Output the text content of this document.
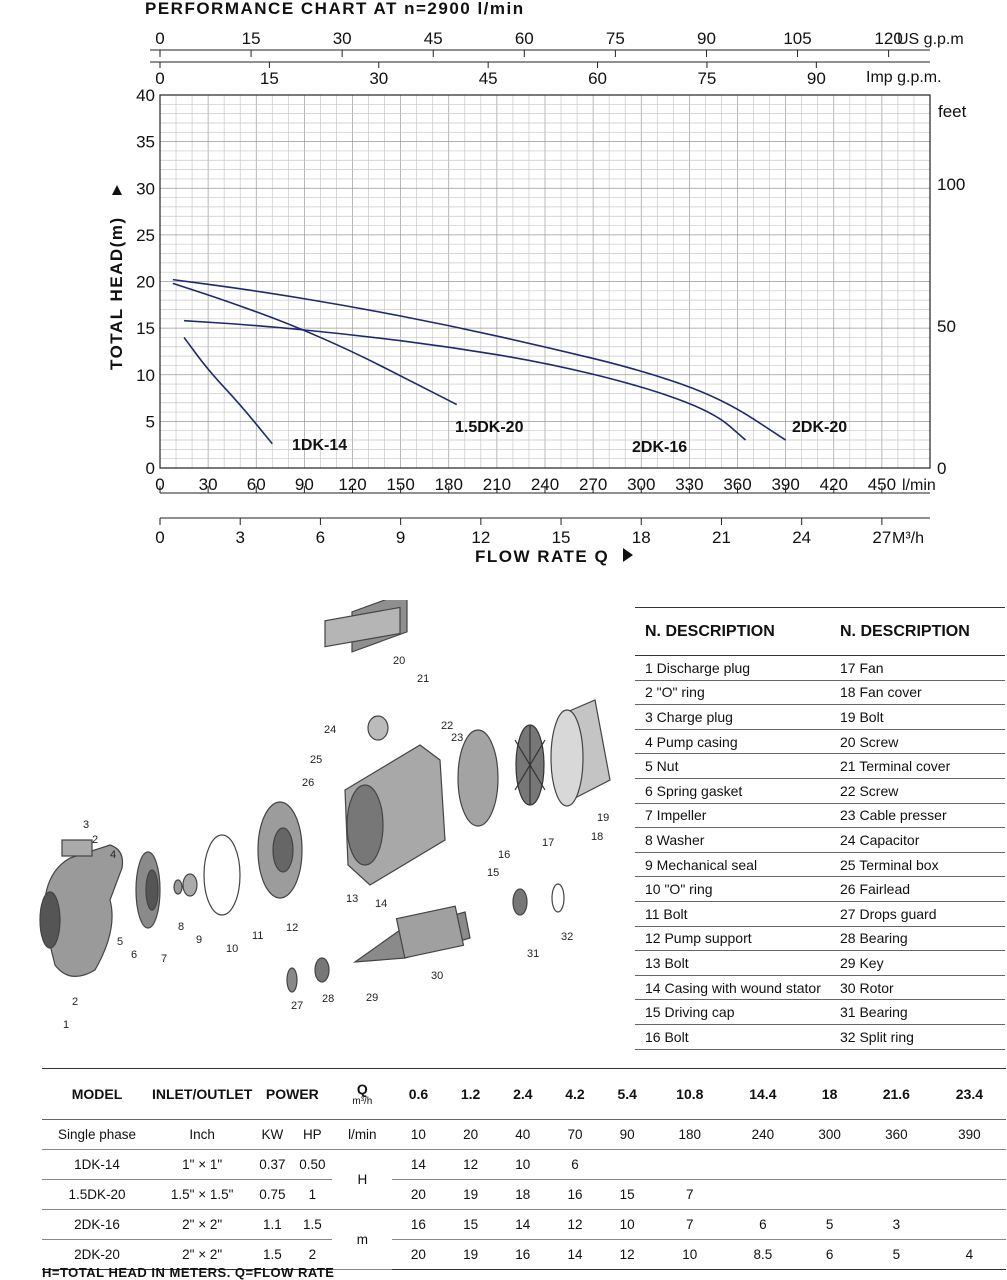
PERFORMANCE CHART AT n=2900 l/min
0	15	30	45	60	75	90	105	120
US g.p.m
0	15	30	45	60	75	90	Imp g.p.m.
0
5
10
15
20
25
30
35
40
0
50
100
feet
0 30 60 90 120 150 180 210 240 270 300 330 360 390 420 450 l/min
0	3	6	9	12	15	18	21	24	27 M³/h
1DK-14
1.5DK-20
2DK-16
2DK-20
TOTAL HEAD(m)
FLOW RATE Q
1
2
3
2
4
5
6 7
8
9
10
11
12
13 14
15
16
17	18
19
20
21
22
23
24
25
26
27
28	29
30
31
32
N. DESCRIPTION	N. DESCRIPTION
1 Discharge plug	17 Fan
2 "O" ring	18 Fan cover
3 Charge plug	19 Bolt
4 Pump casing	20 Screw
5 Nut	21 Terminal cover
6 Spring gasket	22 Screw
7 Impeller	23 Cable presser
8 Washer	24 Capacitor
9 Mechanical seal	25 Terminal box
10 "O" ring	26 Fairlead
11 Bolt	27 Drops guard
12 Pump support	28 Bearing
13 Bolt	29 Key
14 Casing with wound stator	30 Rotor
15 Driving cap	31 Bearing
16 Bolt	32 Split ring
MODEL	INLET/OUTLET	POWER		Q
m³/h	0.6	1.2	2.4	4.2	5.4	10.8	14.4	18	21.6	23.4
Single phase	Inch	KW	HP	l/min	10	20	40	70	90	180	240	300	360	390
1DK-14	1" × 1"	0.37	0.50	H	14	12	10	6						
1.5DK-20	1.5" × 1.5"	0.75	1		20	19	18	16	15	7				
2DK-16	2" × 2"	1.1	1.5	m	16	15	14	12	10	7	6	5	3	
2DK-20	2" × 2"	1.5	2		20	19	16	14	12	10	8.5	6	5	4
H=TOTAL HEAD IN METERS. Q=FLOW RATE
